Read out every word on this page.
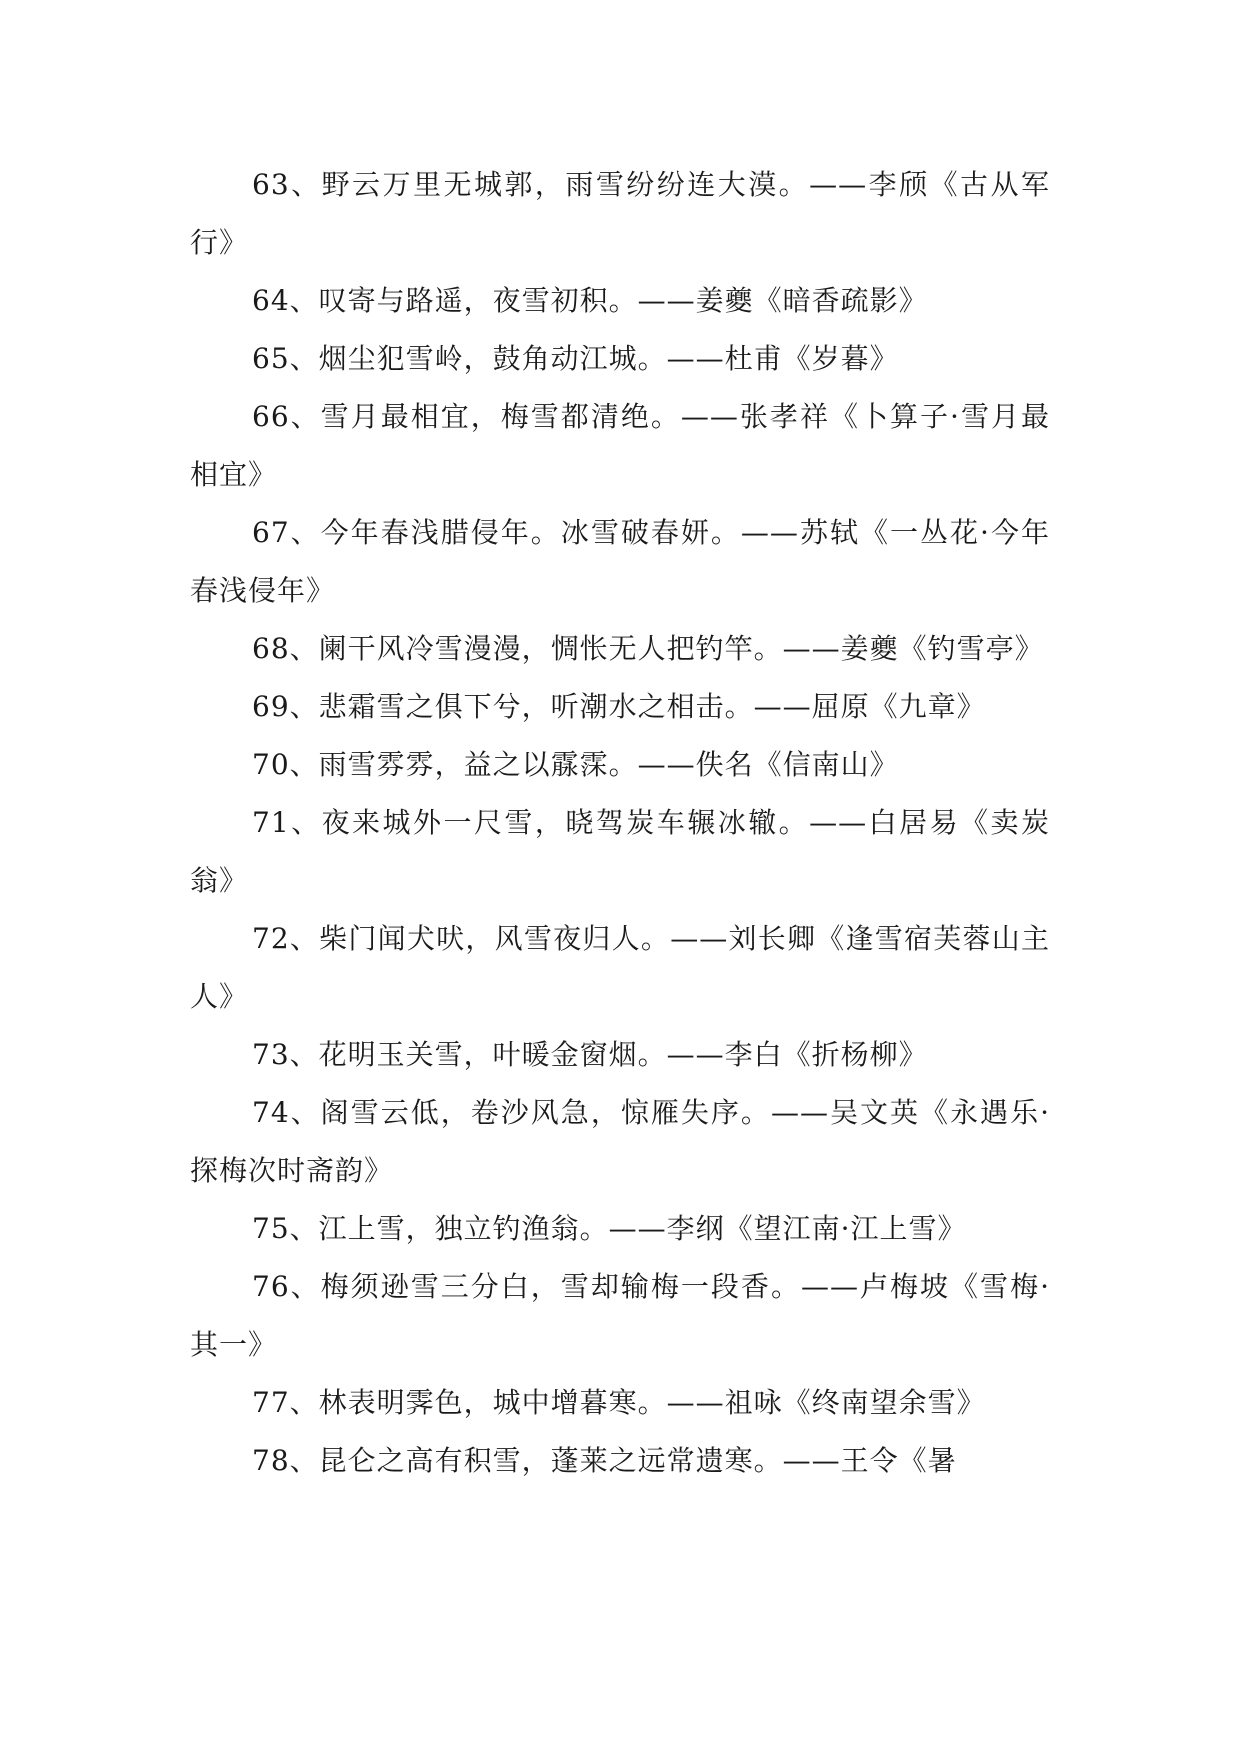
63、野云万里无城郭，雨雪纷纷连大漠。——李颀《古从军行》

64、叹寄与路遥，夜雪初积。——姜夔《暗香疏影》

65、烟尘犯雪岭，鼓角动江城。——杜甫《岁暮》

66、雪月最相宜，梅雪都清绝。——张孝祥《卜算子·雪月最相宜》

67、今年春浅腊侵年。冰雪破春妍。——苏轼《一丛花·今年春浅侵年》

68、阑干风冷雪漫漫，惆怅无人把钓竿。——姜夔《钓雪亭》

69、悲霜雪之俱下兮，听潮水之相击。——屈原《九章》

70、雨雪雰雰，益之以霡霂。——佚名《信南山》

71、夜来城外一尺雪，晓驾炭车辗冰辙。——白居易《卖炭翁》

72、柴门闻犬吠，风雪夜归人。——刘长卿《逢雪宿芙蓉山主人》

73、花明玉关雪，叶暖金窗烟。——李白《折杨柳》

74、阁雪云低，卷沙风急，惊雁失序。——吴文英《永遇乐·探梅次时斋韵》

75、江上雪，独立钓渔翁。——李纲《望江南·江上雪》

76、梅须逊雪三分白，雪却输梅一段香。——卢梅坡《雪梅·其一》

77、林表明霁色，城中增暮寒。——祖咏《终南望余雪》

78、昆仑之高有积雪，蓬莱之远常遗寒。——王令《暑
